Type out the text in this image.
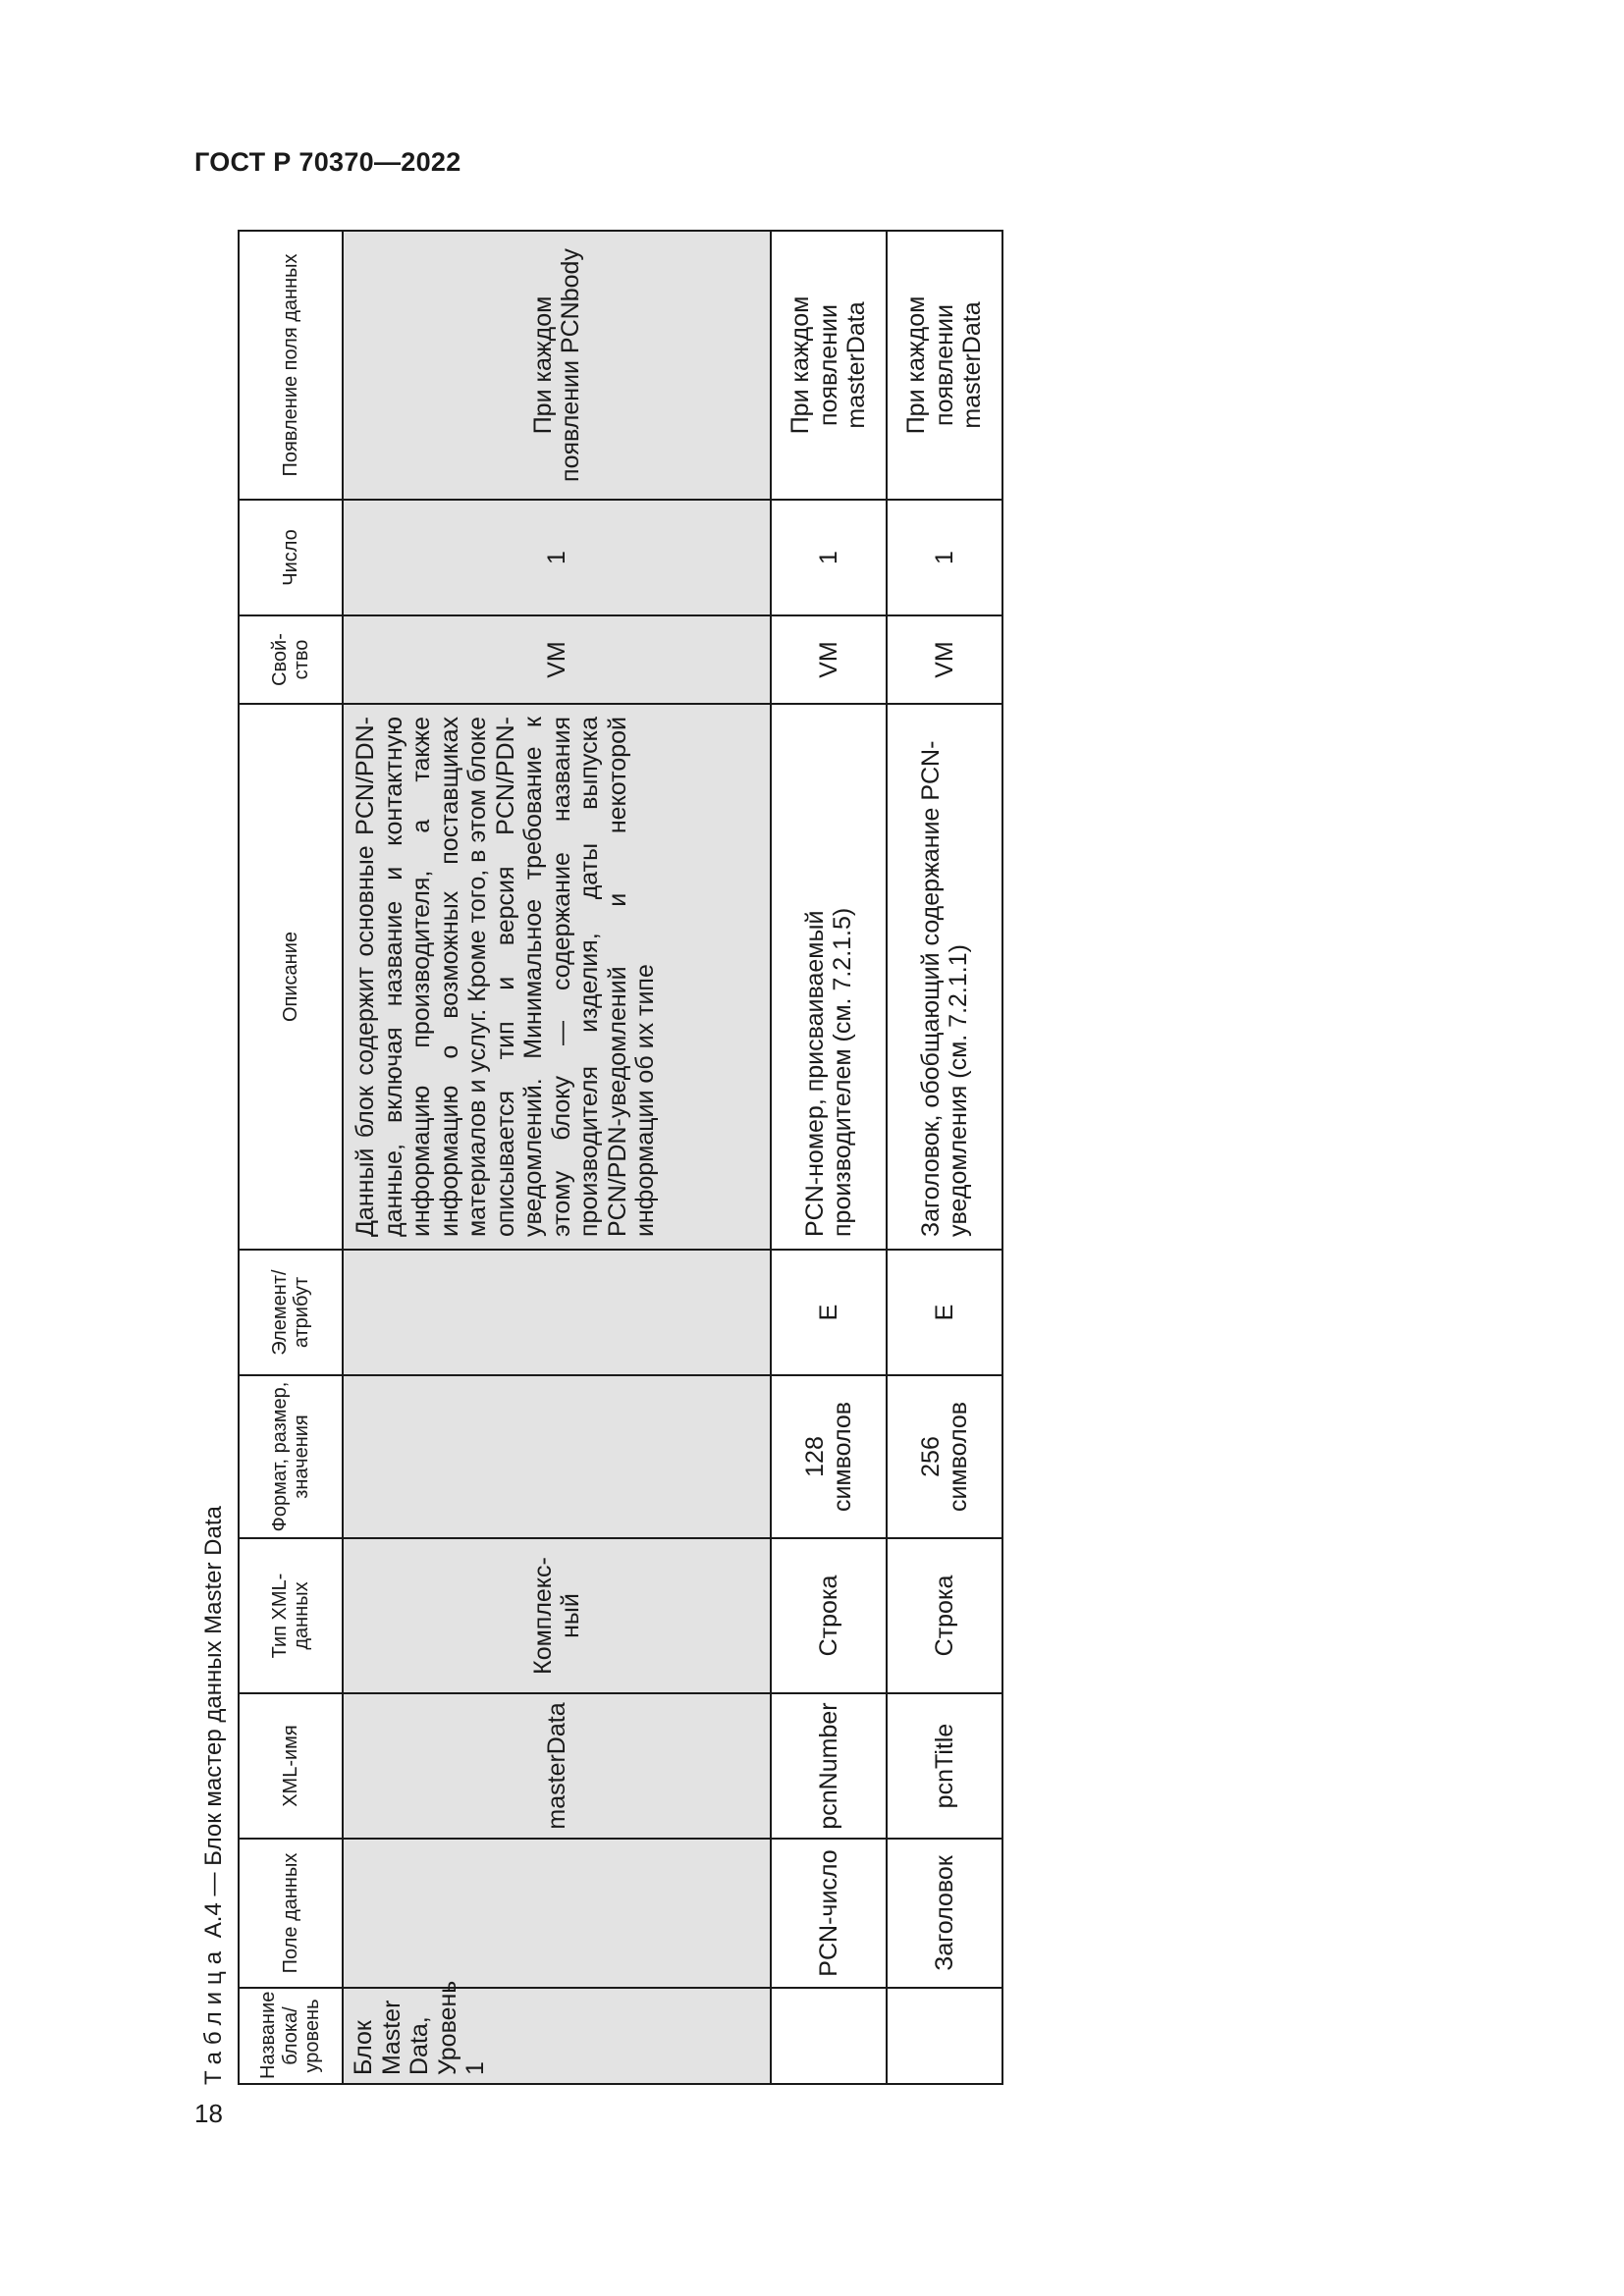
ГОСТ Р 70370—2022
18
Таблица А.4 — Блок мастер данных Master Data
Название блока/ уровень	Поле данных	XML-имя	Тип XML-данных	Формат, размер, значения	Элемент/ атрибут	Описание	Свой-ство	Число	Появление поля данных
Блок Master Data, Уровень 1		masterData	Комплекс-ный			Данный блок содержит основные PCN/PDN-данные, включая название и контактную информацию производителя, а также информацию о возможных поставщиках материалов и услуг. Кроме того, в этом блоке описывается тип и версия PCN/PDN-уведомлений. Минимальное требование к этому блоку — содержание названия производителя изделия, даты выпуска PCN/PDN-уведомлений и некоторой информации об их типе	VM	1	При каждом появлении PCNbody
	PCN-число	pcnNumber	Строка	128 символов	E	PCN-номер, присваиваемый производителем (см. 7.2.1.5)	VM	1	При каждом появлении masterData
	Заголовок	pcnTitle	Строка	256 символов	E	Заголовок, обобщающий содержание PCN-уведомления (см. 7.2.1.1)	VM	1	При каждом появлении masterData
